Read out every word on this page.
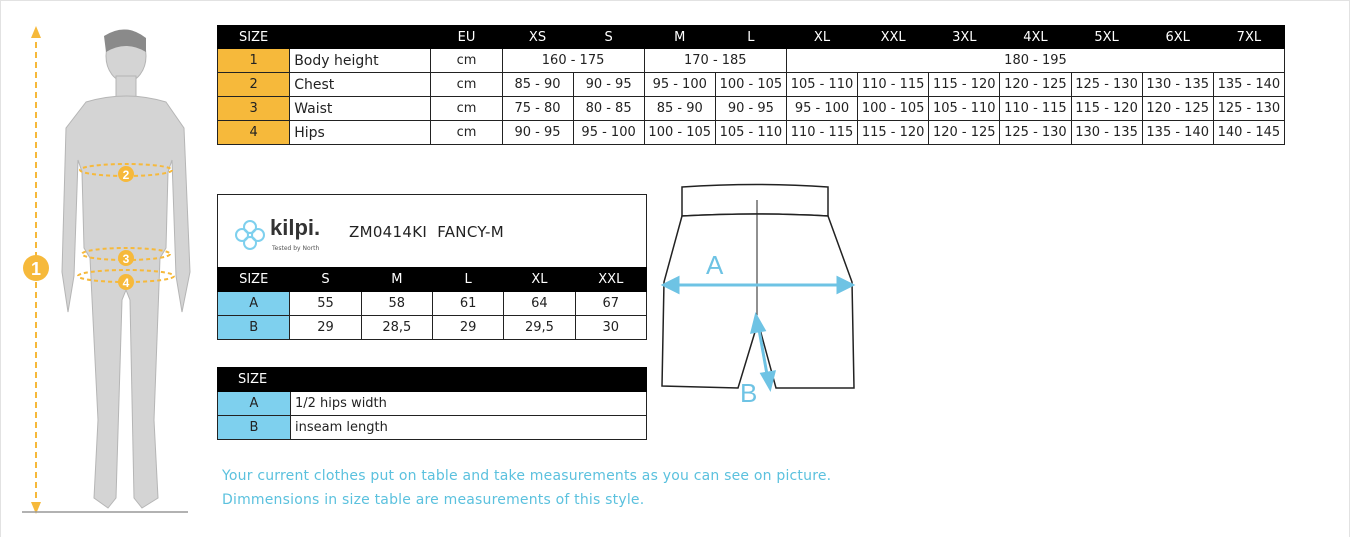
1
2
3
4
SIZE		EU	XS	S	M	L	XL	XXL	3XL	4XL	5XL	6XL	7XL
1	Body height	cm	160 - 175		170 - 185		180 - 195						
2	Chest	cm	85 - 90	90 - 95	95 - 100	100 - 105	105 - 110	110 - 115	115 - 120	120 - 125	125 - 130	130 - 135	135 - 140
3	Waist	cm	75 - 80	80 - 85	85 - 90	90 - 95	95 - 100	100 - 105	105 - 110	110 - 115	115 - 120	120 - 125	125 - 130
4	Hips	cm	90 - 95	95 - 100	100 - 105	105 - 110	110 - 115	115 - 120	120 - 125	125 - 130	130 - 135	135 - 140	140 - 145
kilpi.
Tested by North
ZM0414KI  FANCY-M
SIZE	S	M	L	XL	XXL
A	55	58	61	64	67
B	29	28,5	29	29,5	30
SIZE	
A	1/2 hips width
B	inseam length
A
B
Your current clothes put on table and take measurements as you can see on picture.
Dimmensions in size table are measurements of this style.
